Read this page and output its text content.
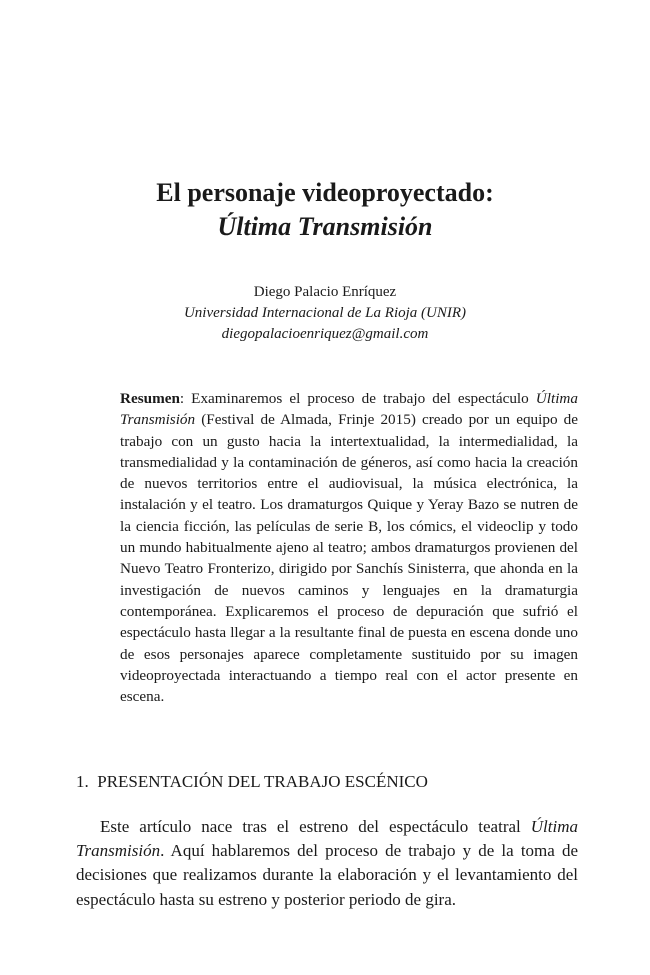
El personaje videoproyectado:
Última Transmisión
Diego Palacio Enríquez
Universidad Internacional de La Rioja (UNIR)
diegopalacioenriquez@gmail.com
Resumen: Examinaremos el proceso de trabajo del espectáculo Última Transmisión (Festival de Almada, Frinje 2015) creado por un equipo de trabajo con un gusto hacia la intertextualidad, la intermedialidad, la transmedialidad y la contaminación de géneros, así como hacia la creación de nuevos territorios entre el audiovisual, la música electrónica, la instalación y el teatro. Los dramaturgos Quique y Yeray Bazo se nutren de la ciencia ficción, las películas de serie B, los cómics, el videoclip y todo un mundo habitualmente ajeno al teatro; ambos dramaturgos provienen del Nuevo Teatro Fronterizo, dirigido por Sanchís Sinisterra, que ahonda en la investigación de nuevos caminos y lenguajes en la dramaturgia contemporánea. Explicaremos el proceso de depuración que sufrió el espectáculo hasta llegar a la resultante final de puesta en escena donde uno de esos personajes aparece completamente sustituido por su imagen videoproyectada interactuando a tiempo real con el actor presente en escena.
1. PRESENTACIÓN DEL TRABAJO ESCÉNICO
Este artículo nace tras el estreno del espectáculo teatral Última Transmisión. Aquí hablaremos del proceso de trabajo y de la toma de decisiones que realizamos durante la elaboración y el levantamiento del espectáculo hasta su estreno y posterior periodo de gira.
